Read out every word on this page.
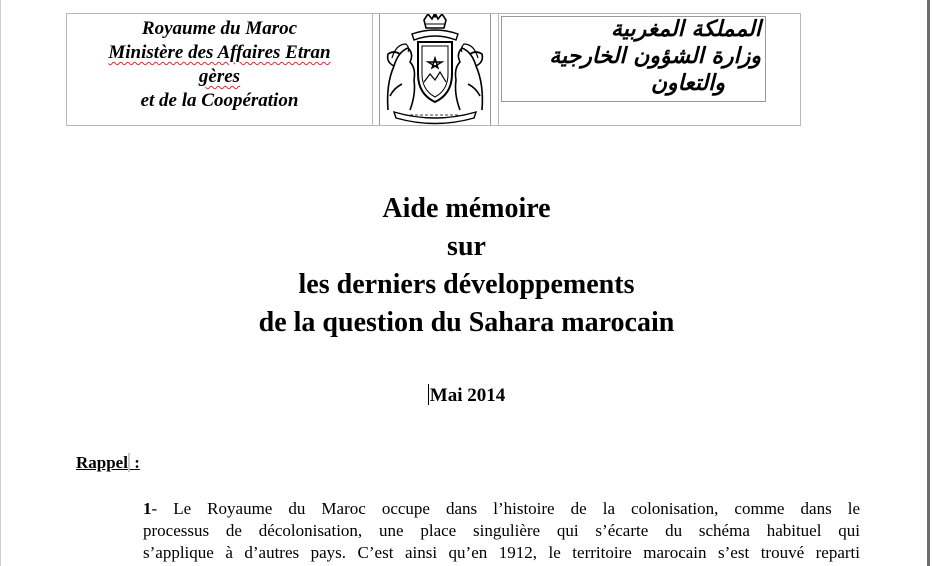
Royaume du Maroc
Ministère des Affaires Etran
gères
et de la Coopération
المملكة المغربية
وزارة الشؤون الخارجية
والتعاون
Aide mémoire
sur
les derniers développements
de la question du Sahara marocain
Mai 2014
Rappel :
1- Le Royaume du Maroc occupe dans l’histoire de la colonisation, comme dans le
processus de décolonisation, une place singulière qui s’écarte du schéma habituel qui
s’applique à d’autres pays. C’est ainsi qu’en 1912, le territoire marocain s’est trouvé reparti
